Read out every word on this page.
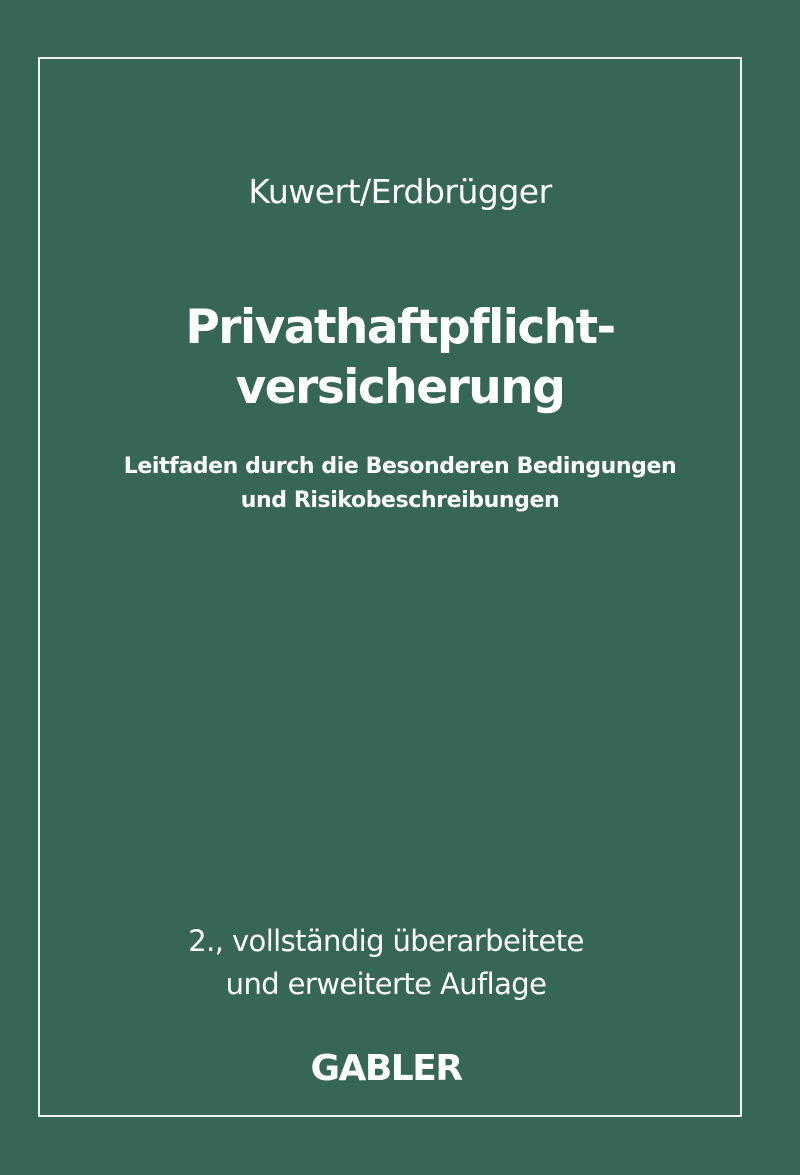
Kuwert/Erdbrügger
Privathaftpflicht-
versicherung
Leitfaden durch die Besonderen Bedingungen
und Risikobeschreibungen
2., vollständig überarbeitete
und erweiterte Auflage
GABLER
